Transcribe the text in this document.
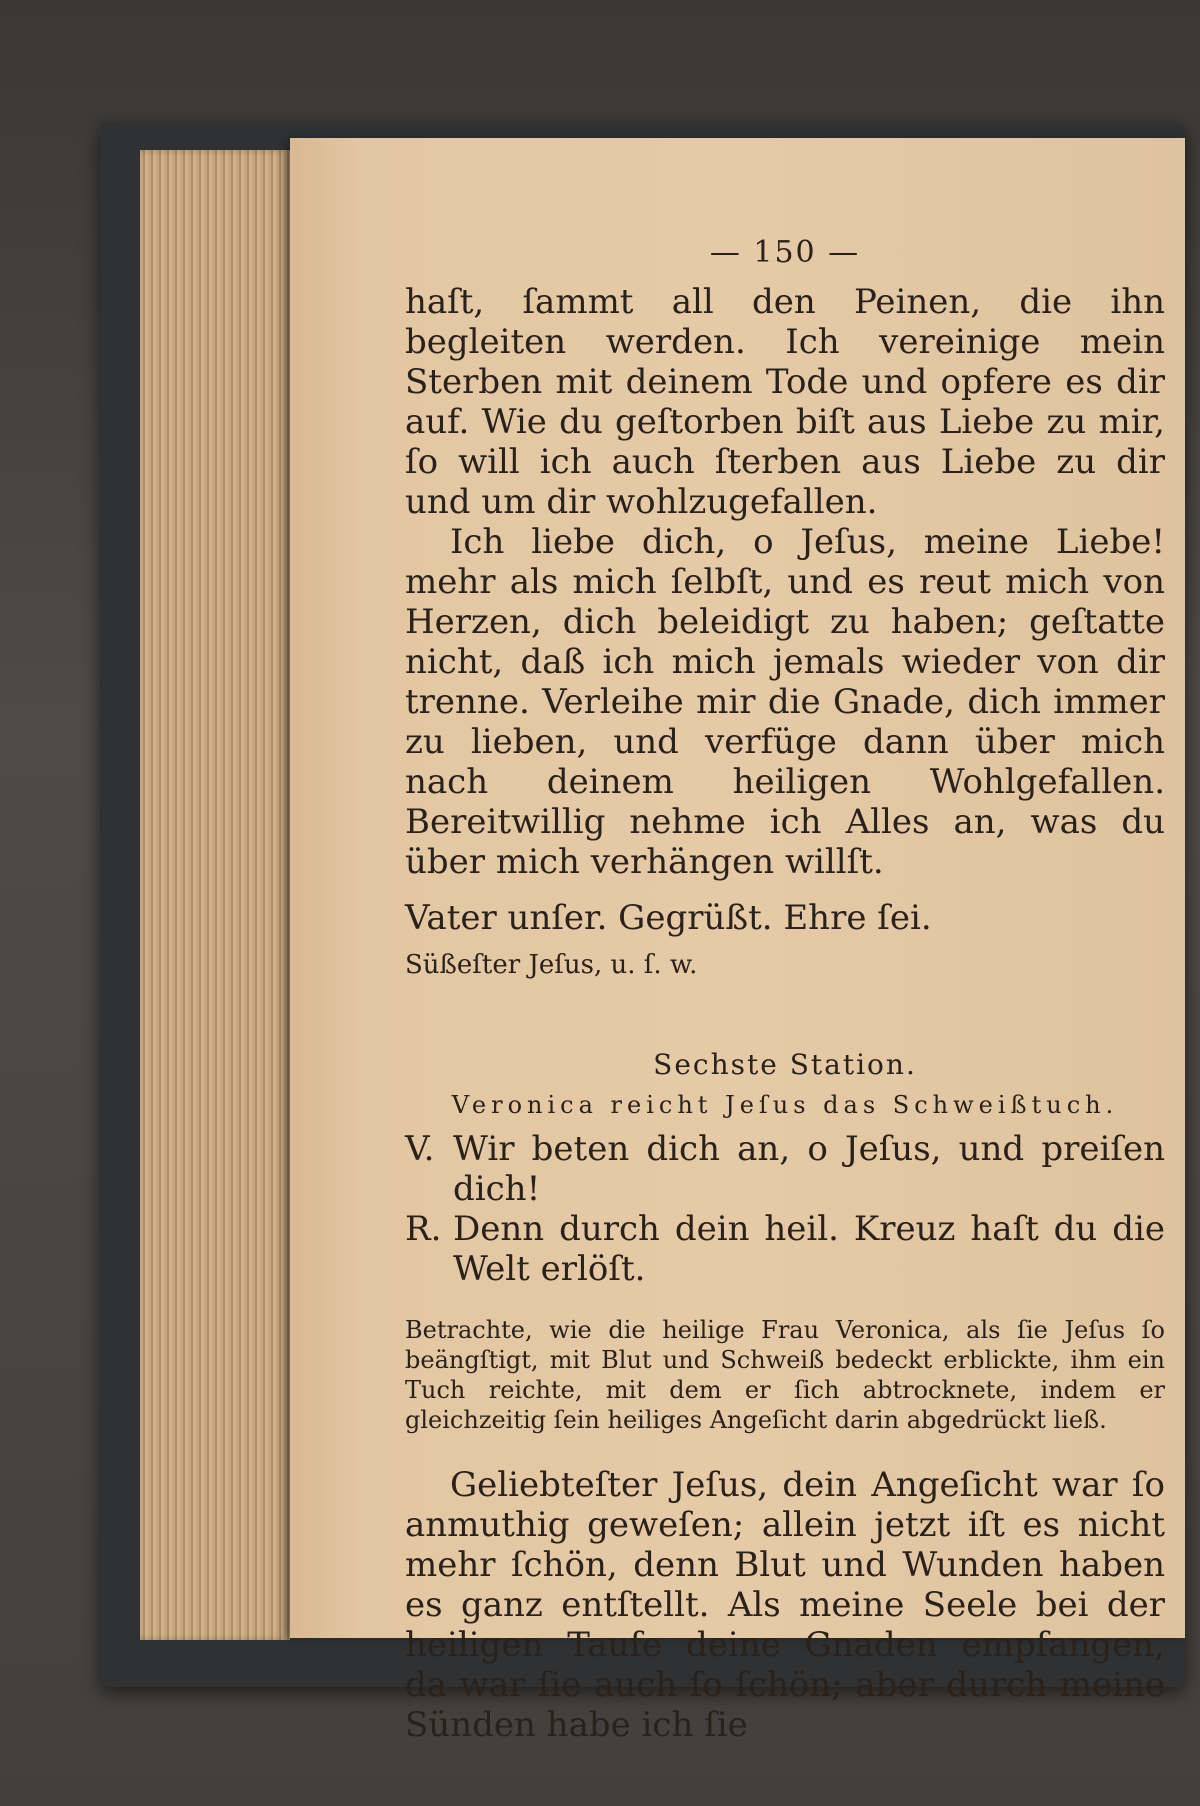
— 150 —

haſt, ſammt all den Peinen, die ihn begleiten werden. Ich vereinige mein Sterben mit deinem Tode und opfere es dir auf. Wie du geſtorben biſt aus Liebe zu mir, ſo will ich auch ſterben aus Liebe zu dir und um dir wohlzugefallen.

Ich liebe dich, o Jeſus, meine Liebe! mehr als mich ſelbſt, und es reut mich von Herzen, dich beleidigt zu haben; geſtatte nicht, daß ich mich jemals wieder von dir trenne. Verleihe mir die Gnade, dich immer zu lieben, und verfüge dann über mich nach deinem heiligen Wohlgefallen. Bereitwillig nehme ich Alles an, was du über mich verhängen willſt.

Vater unſer. Gegrüßt. Ehre ſei.

Süßeſter Jeſus, u. ſ. w.

Sechste Station.
Veronica reicht Jeſus das Schweißtuch.
V. Wir beten dich an, o Jeſus, und preiſen dich!
R. Denn durch dein heil. Kreuz haſt du die Welt erlöſt.

Betrachte, wie die heilige Frau Veronica, als ſie Jeſus ſo beängſtigt, mit Blut und Schweiß bedeckt erblickte, ihm ein Tuch reichte, mit dem er ſich abtrocknete, indem er gleichzeitig ſein heiliges Angeſicht darin abgedrückt ließ.

Geliebteſter Jeſus, dein Angeſicht war ſo anmuthig geweſen; allein jetzt iſt es nicht mehr ſchön, denn Blut und Wunden haben es ganz entſtellt. Als meine Seele bei der heiligen Taufe deine Gnaden empfangen, da war ſie auch ſo ſchön; aber durch meine Sünden habe ich ſie
